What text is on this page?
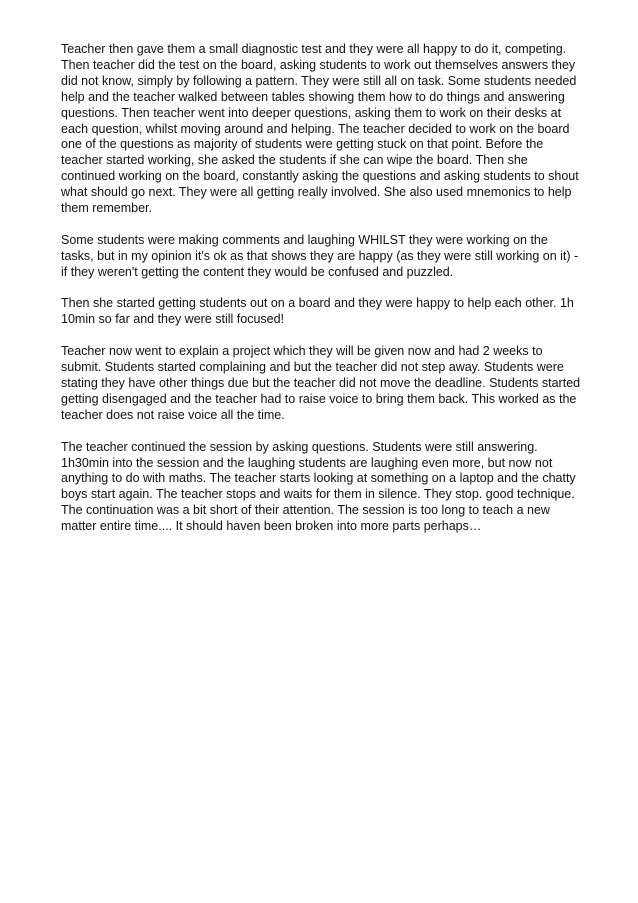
Teacher then gave them a small diagnostic test and they were all happy to do it, competing. Then teacher did the test on the board, asking students to work out themselves answers they did not know, simply by following a pattern. They were still all on task. Some students needed help and the teacher walked between tables showing them how to do things and answering questions. Then teacher went into deeper questions, asking them to work on their desks at each question, whilst moving around and helping. The teacher decided to work on the board one of the questions as majority of students were getting stuck on that point. Before the teacher started working, she asked the students if she can wipe the board. Then she continued working on the board, constantly asking the questions and asking students to shout what should go next. They were all getting really involved. She also used mnemonics to help them remember.

Some students were making comments and laughing WHILST they were working on the tasks, but in my opinion it's ok as that shows they are happy (as they were still working on it) - if they weren't getting the content they would be confused and puzzled.

Then she started getting students out on a board and they were happy to help each other. 1h 10min so far and they were still focused!

Teacher now went to explain a project which they will be given now and had 2 weeks to submit. Students started complaining and but the teacher did not step away. Students were stating they have other things due but the teacher did not move the deadline. Students started getting disengaged and the teacher had to raise voice to bring them back. This worked as the teacher does not raise voice all the time.

The teacher continued the session by asking questions. Students were still answering. 1h30min into the session and the laughing students are laughing even more, but now not anything to do with maths. The teacher starts looking at something on a laptop and the chatty boys start again. The teacher stops and waits for them in silence. They stop. good technique. The continuation was a bit short of their attention. The session is too long to teach a new matter entire time.... It should haven been broken into more parts perhaps…
